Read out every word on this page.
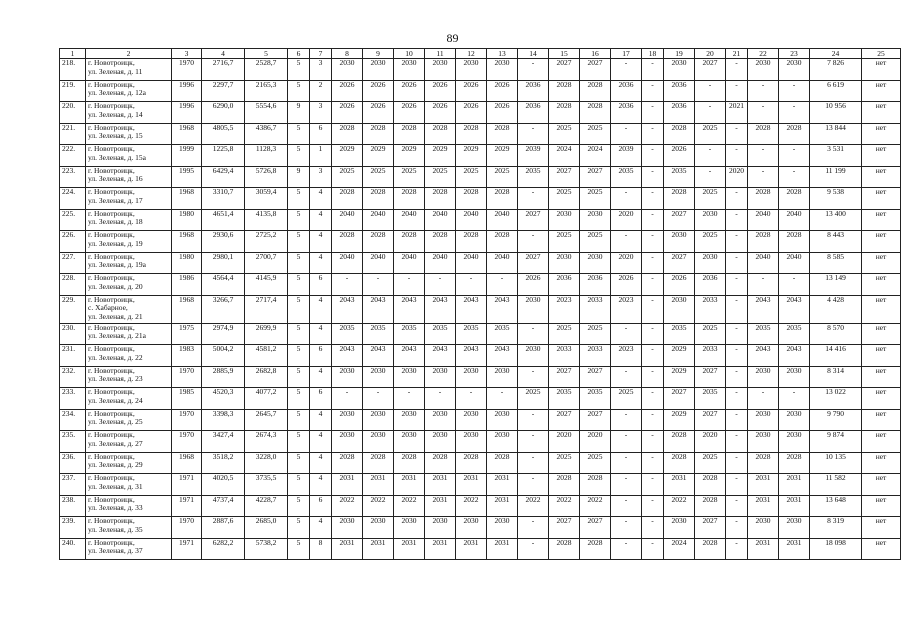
89
1	2	3	4	5	6	7	8	9	10	11	12	13	14	15	16	17	18	19	20	21	22	23	24	25
218.	г. Новотроицк,
ул. Зеленая, д. 11	1970	2716,7	2528,7	5	3	2030	2030	2030	2030	2030	2030	-	2027	2027	-	-	2030	2027	-	2030	2030	7 826	нет
219.	г. Новотроицк,
ул. Зеленая, д. 12а	1996	2297,7	2165,3	5	2	2026	2026	2026	2026	2026	2026	2036	2028	2028	2036	-	2036	-	-	-	-	6 619	нет
220.	г. Новотроицк,
ул. Зеленая, д. 14	1996	6290,0	5554,6	9	3	2026	2026	2026	2026	2026	2026	2036	2028	2028	2036	-	2036	-	2021	-	-	10 956	нет
221.	г. Новотроицк,
ул. Зеленая, д. 15	1968	4805,5	4386,7	5	6	2028	2028	2028	2028	2028	2028	-	2025	2025	-	-	2028	2025	-	2028	2028	13 844	нет
222.	г. Новотроицк,
ул. Зеленая, д. 15а	1999	1225,8	1128,3	5	1	2029	2029	2029	2029	2029	2029	2039	2024	2024	2039	-	2026	-	-	-	-	3 531	нет
223.	г. Новотроицк,
ул. Зеленая, д. 16	1995	6429,4	5726,8	9	3	2025	2025	2025	2025	2025	2025	2035	2027	2027	2035	-	2035	-	2020	-	-	11 199	нет
224.	г. Новотроицк,
ул. Зеленая, д. 17	1968	3310,7	3059,4	5	4	2028	2028	2028	2028	2028	2028	-	2025	2025	-	-	2028	2025	-	2028	2028	9 538	нет
225.	г. Новотроицк,
ул. Зеленая, д. 18	1980	4651,4	4135,8	5	4	2040	2040	2040	2040	2040	2040	2027	2030	2030	2020	-	2027	2030	-	2040	2040	13 400	нет
226.	г. Новотроицк,
ул. Зеленая, д. 19	1968	2930,6	2725,2	5	4	2028	2028	2028	2028	2028	2028	-	2025	2025	-	-	2030	2025	-	2028	2028	8 443	нет
227.	г. Новотроицк,
ул. Зеленая, д. 19а	1980	2980,1	2700,7	5	4	2040	2040	2040	2040	2040	2040	2027	2030	2030	2020	-	2027	2030	-	2040	2040	8 585	нет
228.	г. Новотроицк,
ул. Зеленая, д. 20	1986	4564,4	4145,9	5	6	-	-	-	-	-	-	2026	2036	2036	2026	-	2026	2036	-	-	-	13 149	нет
229.	г. Новотроицк,
с. Хабарное,
ул. Зеленая, д. 21	1968	3266,7	2717,4	5	4	2043	2043	2043	2043	2043	2043	2030	2023	2033	2023	-	2030	2033	-	2043	2043	4 428	нет
230.	г. Новотроицк,
ул. Зеленая, д. 21а	1975	2974,9	2699,9	5	4	2035	2035	2035	2035	2035	2035	-	2025	2025	-	-	2035	2025	-	2035	2035	8 570	нет
231.	г. Новотроицк,
ул. Зеленая, д. 22	1983	5004,2	4581,2	5	6	2043	2043	2043	2043	2043	2043	2030	2033	2033	2023	-	2029	2033	-	2043	2043	14 416	нет
232.	г. Новотроицк,
ул. Зеленая, д. 23	1970	2885,9	2682,8	5	4	2030	2030	2030	2030	2030	2030	-	2027	2027	-	-	2029	2027	-	2030	2030	8 314	нет
233.	г. Новотроицк,
ул. Зеленая, д. 24	1985	4520,3	4077,2	5	6	-	-	-	-	-	-	2025	2035	2035	2025	-	2027	2035	-	-	-	13 022	нет
234.	г. Новотроицк,
ул. Зеленая, д. 25	1970	3398,3	2645,7	5	4	2030	2030	2030	2030	2030	2030	-	2027	2027	-	-	2029	2027	-	2030	2030	9 790	нет
235.	г. Новотроицк,
ул. Зеленая, д. 27	1970	3427,4	2674,3	5	4	2030	2030	2030	2030	2030	2030	-	2020	2020	-	-	2028	2020	-	2030	2030	9 874	нет
236.	г. Новотроицк,
ул. Зеленая, д. 29	1968	3518,2	3228,0	5	4	2028	2028	2028	2028	2028	2028	-	2025	2025	-	-	2028	2025	-	2028	2028	10 135	нет
237.	г. Новотроицк,
ул. Зеленая, д. 31	1971	4020,5	3735,5	5	4	2031	2031	2031	2031	2031	2031	-	2028	2028	-	-	2031	2028	-	2031	2031	11 582	нет
238.	г. Новотроицк,
ул. Зеленая, д. 33	1971	4737,4	4228,7	5	6	2022	2022	2022	2031	2022	2031	2022	2022	2022	-	-	2022	2028	-	2031	2031	13 648	нет
239.	г. Новотроицк,
ул. Зеленая, д. 35	1970	2887,6	2685,0	5	4	2030	2030	2030	2030	2030	2030	-	2027	2027	-	-	2030	2027	-	2030	2030	8 319	нет
240.	г. Новотроицк,
ул. Зеленая, д. 37	1971	6282,2	5738,2	5	8	2031	2031	2031	2031	2031	2031	-	2028	2028	-	-	2024	2028	-	2031	2031	18 098	нет
